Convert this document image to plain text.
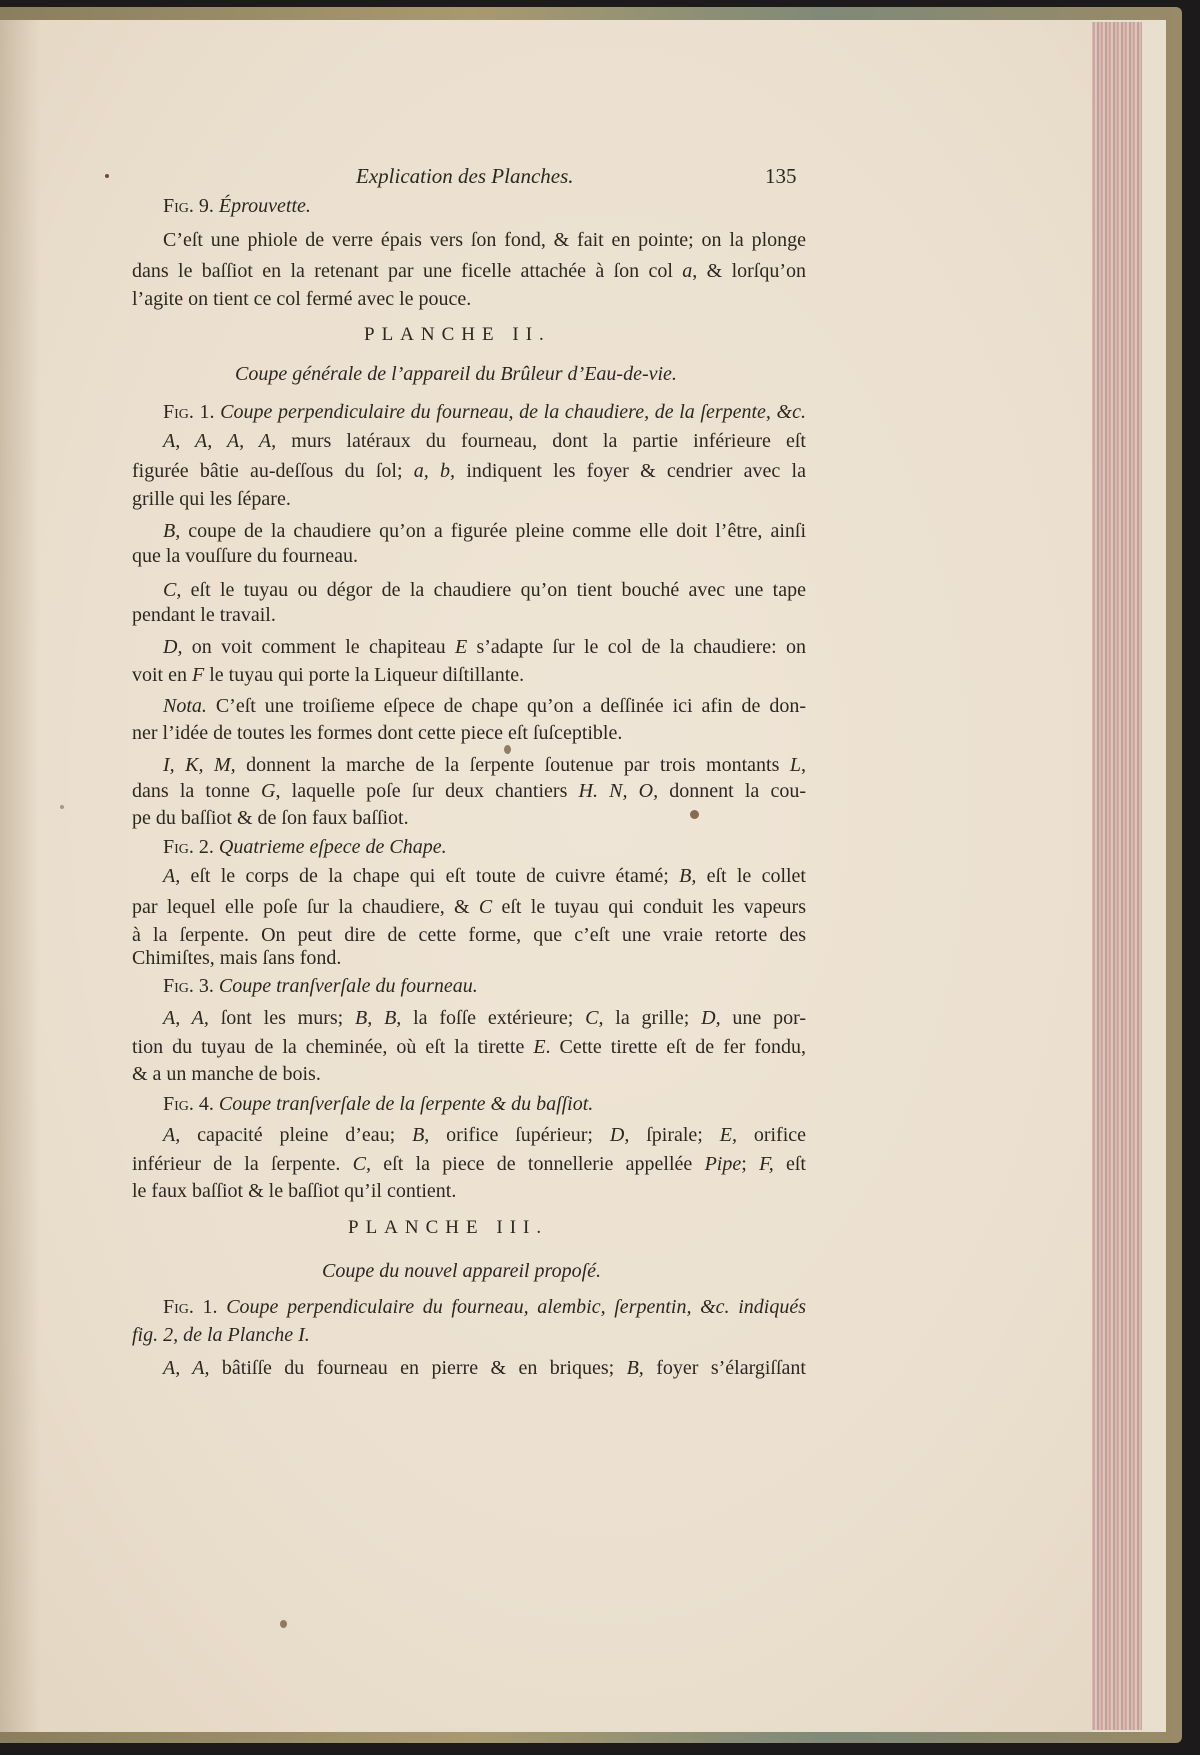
Explication des Planches.	135
Fig. 9. Éprouvette.
C’eſt une phiole de verre épais vers ſon fond, & fait en pointe; on la plonge
dans le baſſiot en la retenant par une ficelle attachée à ſon col a, & lorſqu’on
l’agite on tient ce col fermé avec le pouce.
PLANCHE II.
Coupe générale de l’appareil du Brûleur d’Eau-de-vie.
Fig. 1. Coupe perpendiculaire du fourneau, de la chaudiere, de la ſerpente, &c.
A, A, A, A, murs latéraux du fourneau, dont la partie inférieure eſt
figurée bâtie au-deſſous du ſol; a, b, indiquent les foyer & cendrier avec la
grille qui les ſépare.
B, coupe de la chaudiere qu’on a figurée pleine comme elle doit l’être, ainſi
que la vouſſure du fourneau.
C, eſt le tuyau ou dégor de la chaudiere qu’on tient bouché avec une tape
pendant le travail.
D, on voit comment le chapiteau E s’adapte ſur le col de la chaudiere: on
voit en F le tuyau qui porte la Liqueur diſtillante.
Nota. C’eſt une troiſieme eſpece de chape qu’on a deſſinée ici afin de don-
ner l’idée de toutes les formes dont cette piece eſt ſuſceptible.
I, K, M, donnent la marche de la ſerpente ſoutenue par trois montants L,
dans la tonne G, laquelle poſe ſur deux chantiers H. N, O, donnent la cou-
pe du baſſiot & de ſon faux baſſiot.
Fig. 2. Quatrieme eſpece de Chape.
A, eſt le corps de la chape qui eſt toute de cuivre étamé; B, eſt le collet
par lequel elle poſe ſur la chaudiere, & C eſt le tuyau qui conduit les vapeurs
à la ſerpente. On peut dire de cette forme, que c’eſt une vraie retorte des
Chimiſtes, mais ſans fond.
Fig. 3. Coupe tranſverſale du fourneau.
A, A, ſont les murs; B, B, la foſſe extérieure; C, la grille; D, une por-
tion du tuyau de la cheminée, où eſt la tirette E. Cette tirette eſt de fer fondu,
& a un manche de bois.
Fig. 4. Coupe tranſverſale de la ſerpente & du baſſiot.
A, capacité pleine d’eau; B, orifice ſupérieur; D, ſpirale; E, orifice
inférieur de la ſerpente. C, eſt la piece de tonnellerie appellée Pipe; F, eſt
le faux baſſiot & le baſſiot qu’il contient.
PLANCHE III.
Coupe du nouvel appareil propoſé.
Fig. 1. Coupe perpendiculaire du fourneau, alembic, ſerpentin, &c. indiqués
fig. 2, de la Planche I.
A, A, bâtiſſe du fourneau en pierre & en briques; B, foyer s’élargiſſant
